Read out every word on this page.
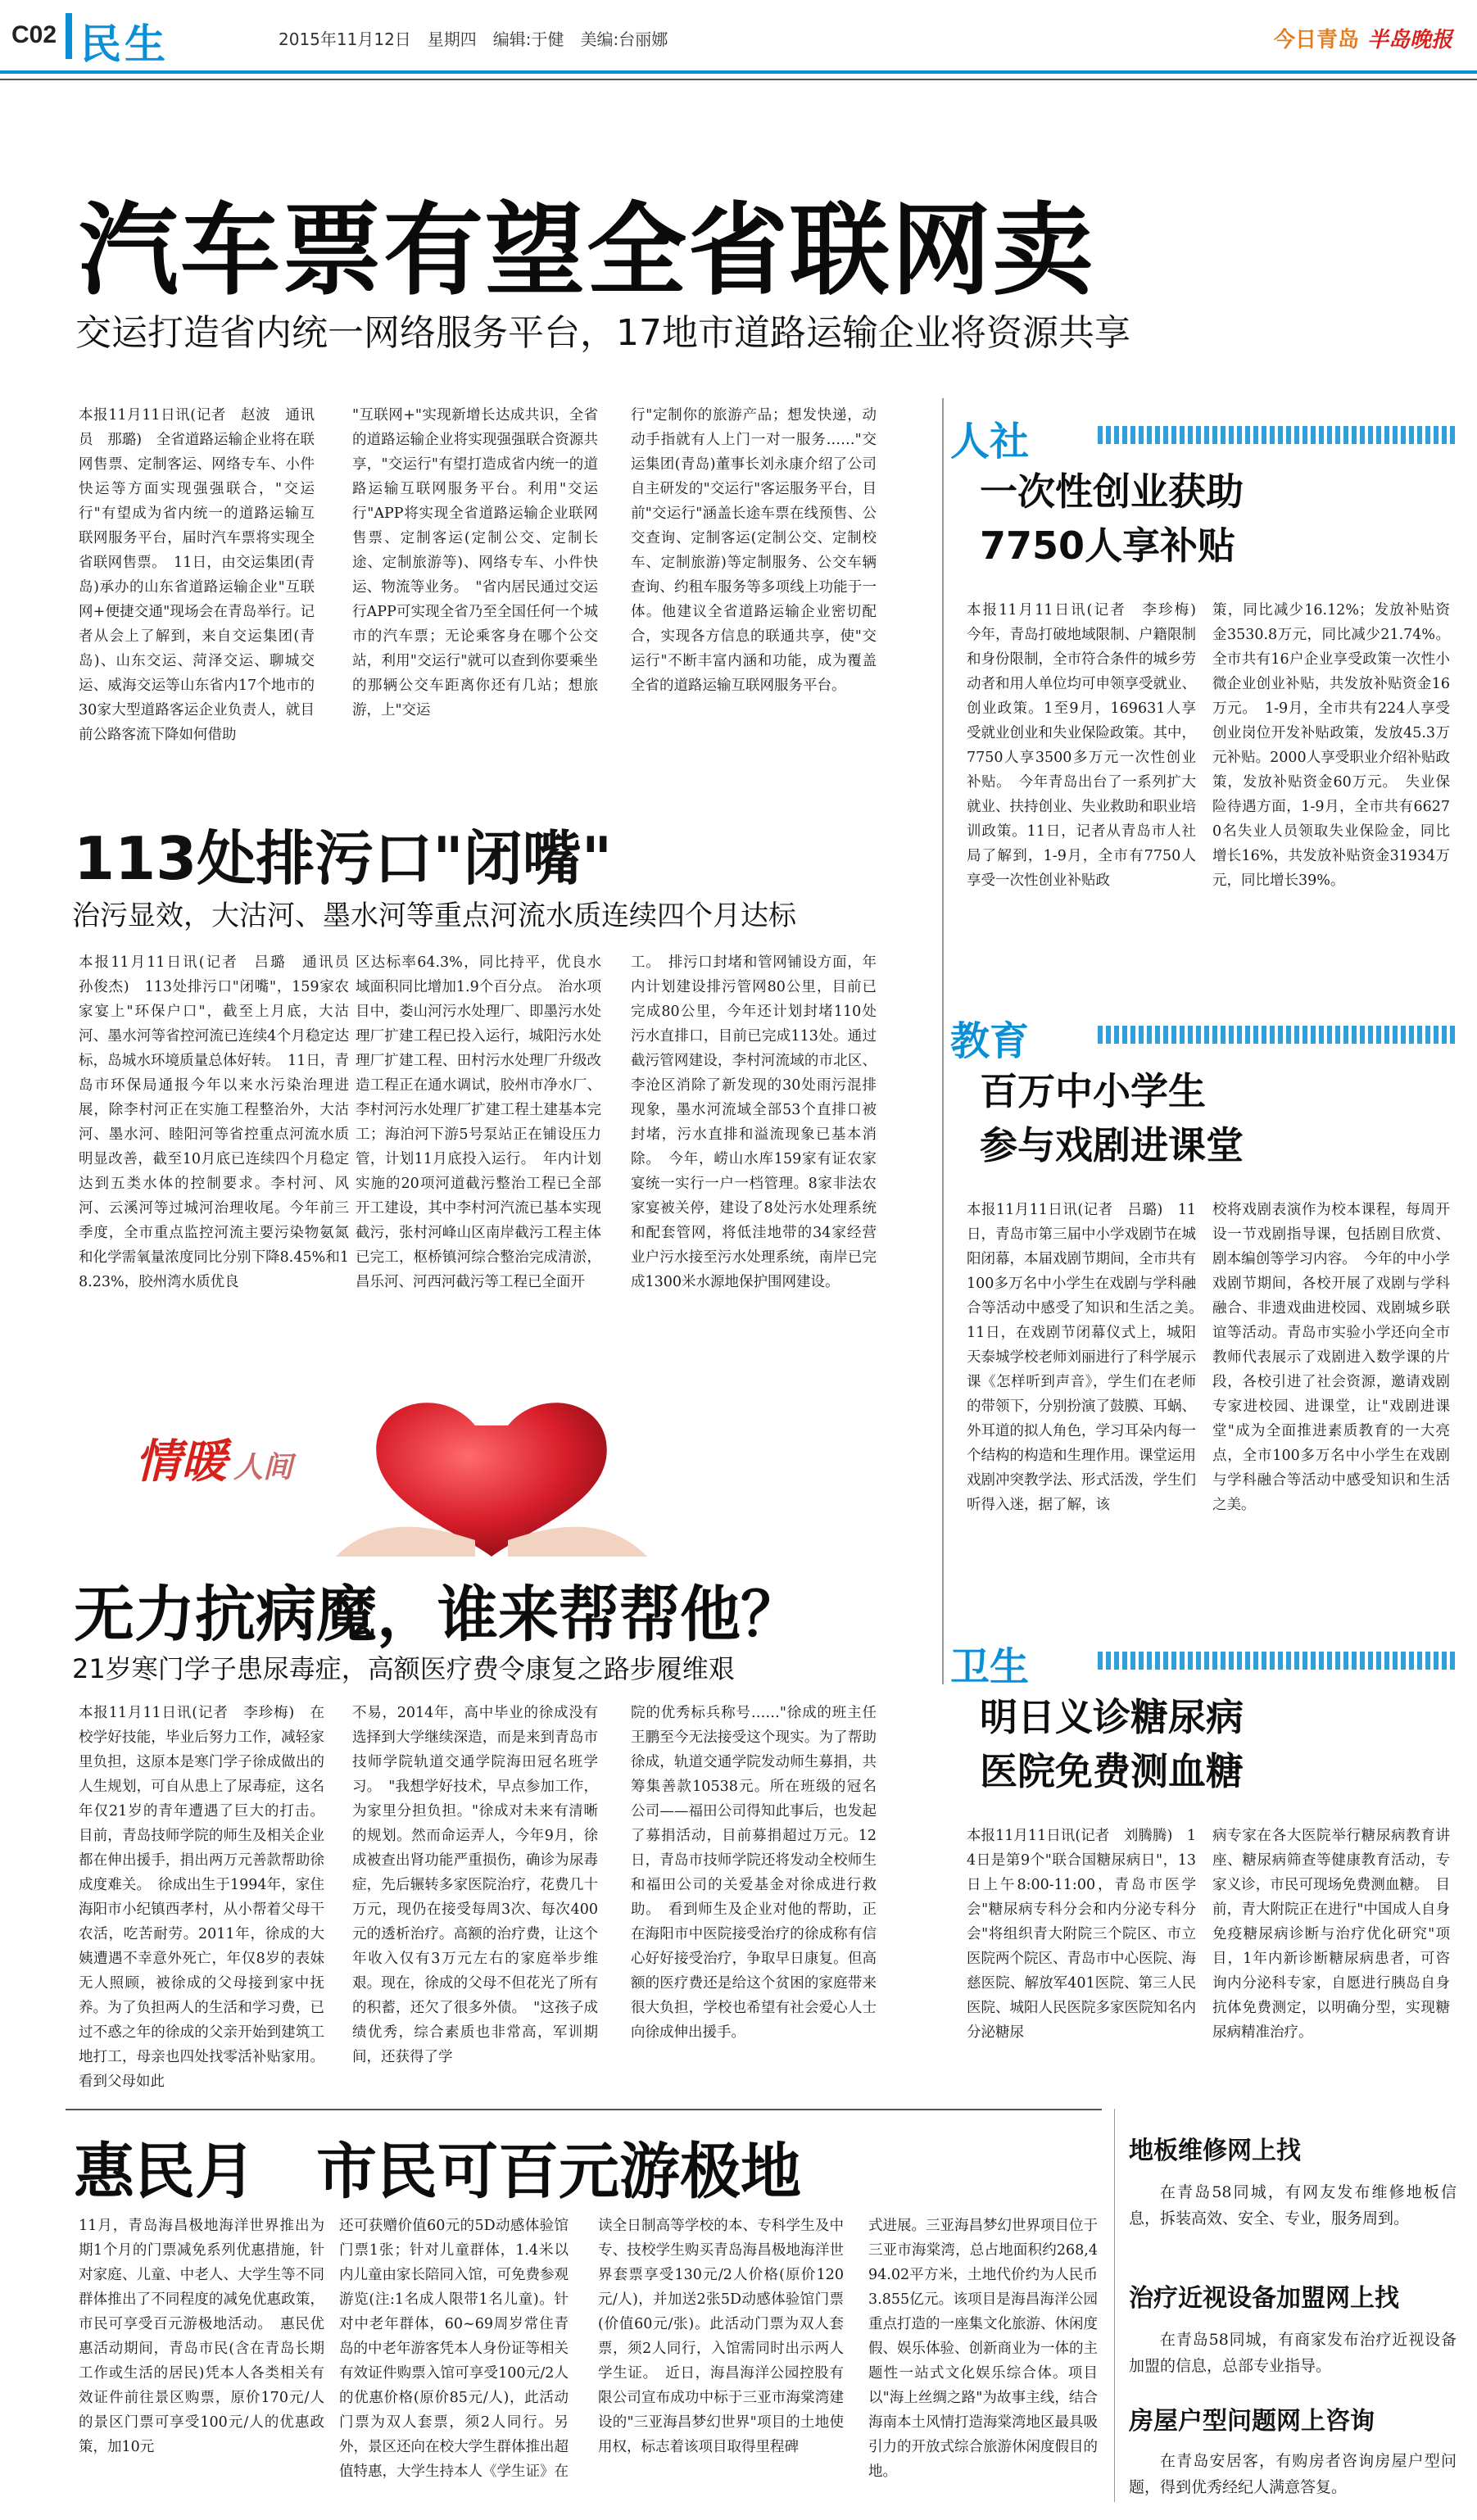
C02 民生	2015年11月12日　星期四　编辑:于健　美编:台丽娜	今日青岛 半岛晚报
汽车票有望全省联网卖
交运打造省内统一网络服务平台，17地市道路运输企业将资源共享
本报11月11日讯(记者　赵波　通讯员　那璐)　全省道路运输企业将在联网售票、定制客运、网络专车、小件快运等方面实现强强联合，"交运行"有望成为省内统一的道路运输互联网服务平台，届时汽车票将实现全省联网售票。　11日，由交运集团(青岛)承办的山东省道路运输企业"互联网+便捷交通"现场会在青岛举行。记者从会上了解到，来自交运集团(青岛)、山东交运、菏泽交运、聊城交运、威海交运等山东省内17个地市的30家大型道路客运企业负责人，就目前公路客流下降如何借助
"互联网+"实现新增长达成共识，全省的道路运输企业将实现强强联合资源共享，"交运行"有望打造成省内统一的道路运输互联网服务平台。利用"交运行"APP将实现全省道路运输企业联网售票、定制客运(定制公交、定制长途、定制旅游等)、网络专车、小件快运、物流等业务。　"省内居民通过交运行APP可实现全省乃至全国任何一个城市的汽车票；无论乘客身在哪个公交站，利用"交运行"就可以查到你要乘坐的那辆公交车距离你还有几站；想旅游，上"交运
行"定制你的旅游产品；想发快递，动动手指就有人上门一对一服务……"交运集团(青岛)董事长刘永康介绍了公司自主研发的"交运行"客运服务平台，目前"交运行"涵盖长途车票在线预售、公交查询、定制客运(定制公交、定制校车、定制旅游)等定制服务、公交车辆查询、约租车服务等多项线上功能于一体。他建议全省道路运输企业密切配合，实现各方信息的联通共享，使"交运行"不断丰富内涵和功能，成为覆盖全省的道路运输互联网服务平台。
113处排污口"闭嘴"
治污显效，大沽河、墨水河等重点河流水质连续四个月达标
本报11月11日讯(记者　吕璐　通讯员　孙俊杰)　113处排污口"闭嘴"，159家农家宴上"环保户口"，截至上月底，大沽河、墨水河等省控河流已连续4个月稳定达标，岛城水环境质量总体好转。　11日，青岛市环保局通报今年以来水污染治理进展，除李村河正在实施工程整治外，大沽河、墨水河、睦阳河等省控重点河流水质明显改善，截至10月底已连续四个月稳定达到五类水体的控制要求。李村河、风河、云溪河等过城河治理收尾。今年前三季度，全市重点监控河流主要污染物氨氮和化学需氧量浓度同比分别下降8.45%和18.23%，胶州湾水质优良
区达标率64.3%，同比持平，优良水域面积同比增加1.9个百分点。　治水项目中，娄山河污水处理厂、即墨污水处理厂扩建工程已投入运行，城阳污水处理厂扩建工程、田村污水处理厂升级改造工程正在通水调试，胶州市净水厂、李村河污水处理厂扩建工程土建基本完工；海泊河下游5号泵站正在铺设压力管，计划11月底投入运行。　年内计划实施的20项河道截污整治工程已全部开工建设，其中李村河汽流已基本实现截污，张村河峰山区南岸截污工程主体已完工，枢桥镇河综合整治完成清淤，昌乐河、河西河截污等工程已全面开
工。　排污口封堵和管网铺设方面，年内计划建设排污管网80公里，目前已完成80公里，今年还计划封堵110处污水直排口，目前已完成113处。通过截污管网建设，李村河流域的市北区、李沧区消除了新发现的30处雨污混排现象，墨水河流域全部53个直排口被封堵，污水直排和溢流现象已基本消除。　今年，崂山水库159家有证农家宴统一实行一户一档管理。8家非法农家宴被关停，建设了8处污水处理系统和配套管网，将低洼地带的34家经营业户污水接至污水处理系统，南岸已完成1300米水源地保护围网建设。
情暖 人间
无力抗病魔，谁来帮帮他？
21岁寒门学子患尿毒症，高额医疗费令康复之路步履维艰
本报11月11日讯(记者　李珍梅)　在校学好技能，毕业后努力工作，减轻家里负担，这原本是寒门学子徐成做出的人生规划，可自从患上了尿毒症，这名年仅21岁的青年遭遇了巨大的打击。目前，青岛技师学院的师生及相关企业都在伸出援手，捐出两万元善款帮助徐成度难关。　徐成出生于1994年，家住海阳市小纪镇西孝村，从小帮着父母干农活，吃苦耐劳。2011年，徐成的大姨遭遇不幸意外死亡，年仅8岁的表妹无人照顾，被徐成的父母接到家中抚养。为了负担两人的生活和学习费，已过不惑之年的徐成的父亲开始到建筑工地打工，母亲也四处找零活补贴家用。看到父母如此
不易，2014年，高中毕业的徐成没有选择到大学继续深造，而是来到青岛市技师学院轨道交通学院海田冠名班学习。　"我想学好技术，早点参加工作，为家里分担负担。"徐成对未来有清晰的规划。然而命运弄人，今年9月，徐成被查出肾功能严重损伤，确诊为尿毒症，先后辗转多家医院治疗，花费几十万元，现仍在接受每周3次、每次400元的透析治疗。高额的治疗费，让这个年收入仅有3万元左右的家庭举步维艰。现在，徐成的父母不但花光了所有的积蓄，还欠了很多外债。　"这孩子成绩优秀，综合素质也非常高，军训期间，还获得了学
院的优秀标兵称号……"徐成的班主任王鹏至今无法接受这个现实。为了帮助徐成，轨道交通学院发动师生募捐，共筹集善款10538元。所在班级的冠名公司——福田公司得知此事后，也发起了募捐活动，目前募捐超过万元。12日，青岛市技师学院还将发动全校师生和福田公司的关爱基金对徐成进行救助。　看到师生及企业对他的帮助，正在海阳市中医院接受治疗的徐成称有信心好好接受治疗，争取早日康复。但高额的医疗费还是给这个贫困的家庭带来很大负担，学校也希望有社会爱心人士向徐成伸出援手。
惠民月　市民可百元游极地
11月，青岛海昌极地海洋世界推出为期1个月的门票减免系列优惠措施，针对家庭、儿童、中老人、大学生等不同群体推出了不同程度的减免优惠政策，市民可享受百元游极地活动。　惠民优惠活动期间，青岛市民(含在青岛长期工作或生活的居民)凭本人各类相关有效证件前往景区购票，原价170元/人的景区门票可享受100元/人的优惠政策，加10元
还可获赠价值60元的5D动感体验馆门票1张；针对儿童群体，1.4米以内儿童由家长陪同入馆，可免费参观游览(注:1名成人限带1名儿童)。针对中老年群体，60~69周岁常住青岛的中老年游客凭本人身份证等相关有效证件购票入馆可享受100元/2人的优惠价格(原价85元/人)，此活动门票为双人套票，须2人同行。另外，景区还向在校大学生群体推出超值特惠，大学生持本人《学生证》在
读全日制高等学校的本、专科学生及中专、技校学生购买青岛海昌极地海洋世界套票享受130元/2人价格(原价120元/人)，并加送2张5D动感体验馆门票(价值60元/张)。此活动门票为双人套票，须2人同行，入馆需同时出示两人学生证。　近日，海昌海洋公园控股有限公司宣布成功中标于三亚市海棠湾建设的"三亚海昌梦幻世界"项目的土地使用权，标志着该项目取得里程碑
式进展。三亚海昌梦幻世界项目位于三亚市海棠湾，总占地面积约268,494.02平方米，土地代价约为人民币3.855亿元。该项目是海昌海洋公园重点打造的一座集文化旅游、休闲度假、娱乐体验、创新商业为一体的主题性一站式文化娱乐综合体。项目以"海上丝绸之路"为故事主线，结合海南本土风情打造海棠湾地区最具吸引力的开放式综合旅游休闲度假目的地。
人社
一次性创业获助
7750人享补贴
本报11月11日讯(记者　李珍梅)　今年，青岛打破地域限制、户籍限制和身份限制，全市符合条件的城乡劳动者和用人单位均可申领享受就业、创业政策。1至9月，169631人享受就业创业和失业保险政策。其中，7750人享3500多万元一次性创业补贴。　今年青岛出台了一系列扩大就业、扶持创业、失业救助和职业培训政策。11日，记者从青岛市人社局了解到，1-9月，全市有7750人享受一次性创业补贴政
策，同比减少16.12%；发放补贴资金3530.8万元，同比减少21.74%。全市共有16户企业享受政策一次性小微企业创业补贴，共发放补贴资金16万元。　1-9月，全市共有224人享受创业岗位开发补贴政策，发放45.3万元补贴。2000人享受职业介绍补贴政策，发放补贴资金60万元。　失业保险待遇方面，1-9月，全市共有66270名失业人员领取失业保险金，同比增长16%，共发放补贴资金31934万元，同比增长39%。
教育
百万中小学生
参与戏剧进课堂
本报11月11日讯(记者　吕璐)　11日，青岛市第三届中小学戏剧节在城阳闭幕，本届戏剧节期间，全市共有100多万名中小学生在戏剧与学科融合等活动中感受了知识和生活之美。　11日，在戏剧节闭幕仪式上，城阳天泰城学校老师刘丽进行了科学展示课《怎样听到声音》，学生们在老师的带领下，分别扮演了鼓膜、耳蜗、外耳道的拟人角色，学习耳朵内每一个结构的构造和生理作用。课堂运用戏剧冲突教学法、形式活泼，学生们听得入迷，据了解，该
校将戏剧表演作为校本课程，每周开设一节戏剧指导课，包括剧目欣赏、剧本编创等学习内容。　今年的中小学戏剧节期间，各校开展了戏剧与学科融合、非遗戏曲进校园、戏剧城乡联谊等活动。青岛市实验小学还向全市教师代表展示了戏剧进入数学课的片段，各校引进了社会资源，邀请戏剧专家进校园、进课堂，让"戏剧进课堂"成为全面推进素质教育的一大亮点，全市100多万名中小学生在戏剧与学科融合等活动中感受知识和生活之美。
卫生
明日义诊糖尿病
医院免费测血糖
本报11月11日讯(记者　刘腾腾)　14日是第9个"联合国糖尿病日"，13日上午8:00-11:00，青岛市医学会"糖尿病专科分会和内分泌专科分会"将组织青大附院三个院区、市立医院两个院区、青岛市中心医院、海慈医院、解放军401医院、第三人民医院、城阳人民医院多家医院知名内分泌糖尿
病专家在各大医院举行糖尿病教育讲座、糖尿病筛查等健康教育活动，专家义诊，市民可现场免费测血糖。　目前，青大附院正在进行"中国成人自身免疫糖尿病诊断与治疗优化研究"项目，1年内新诊断糖尿病患者，可咨询内分泌科专家，自愿进行胰岛自身抗体免费测定，以明确分型，实现糖尿病精准治疗。
地板维修网上找
在青岛58同城，有网友发布维修地板信息，拆装高效、安全、专业，服务周到。
治疗近视设备加盟网上找
在青岛58同城，有商家发布治疗近视设备加盟的信息，总部专业指导。
房屋户型问题网上咨询
在青岛安居客，有购房者咨询房屋户型问题，得到优秀经纪人满意答复。
